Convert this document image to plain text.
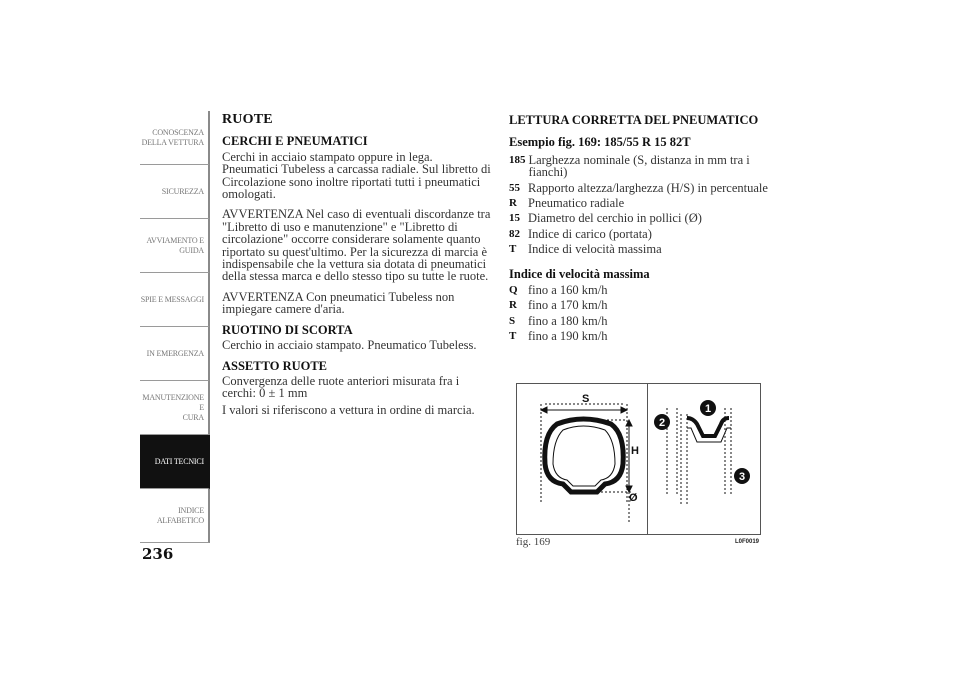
CONOSCENZA
DELLA VETTURA
SICUREZZA
AVVIAMENTO E
GUIDA
SPIE E MESSAGGI
IN EMERGENZA
MANUTENZIONE E
CURA
DATI TECNICI
INDICE
ALFABETICO
236
RUOTE
CERCHI E PNEUMATICI

Cerchi in acciaio stampato oppure in lega. Pneumatici Tubeless a carcassa radiale. Sul libretto di Circolazione sono inoltre riportati tutti i pneumatici omologati.

AVVERTENZA Nel caso di eventuali discordanze tra "Libretto di uso e manutenzione" e "Libretto di circolazione" occorre considerare solamente quanto riportato su quest'ultimo. Per la sicurezza di marcia è indispensabile che la vettura sia dotata di pneumatici della stessa marca e dello stesso tipo su tutte le ruote.

AVVERTENZA Con pneumatici Tubeless non impiegare camere d'aria.

RUOTINO DI SCORTA

Cerchio in acciaio stampato. Pneumatico Tubeless.

ASSETTO RUOTE

Convergenza delle ruote anteriori misurata fra i cerchi: 0 ± 1 mm

I valori si riferiscono a vettura in ordine di marcia.

LETTURA CORRETTA DEL PNEUMATICO
Esempio fig. 169: 185/55 R 15 82T
185 Larghezza nominale (S, distanza in mm tra i fianchi)
55 Rapporto altezza/larghezza (H/S) in percentuale
R Pneumatico radiale
15 Diametro del cerchio in pollici (Ø)
82 Indice di carico (portata)
T Indice di velocità massima
Indice di velocità massima
Q fino a 160 km/h
R fino a 170 km/h
S	fino a 180 km/h
T fino a 190 km/h
S
H
Ø
1
2
3
fig. 169	L0F0019
